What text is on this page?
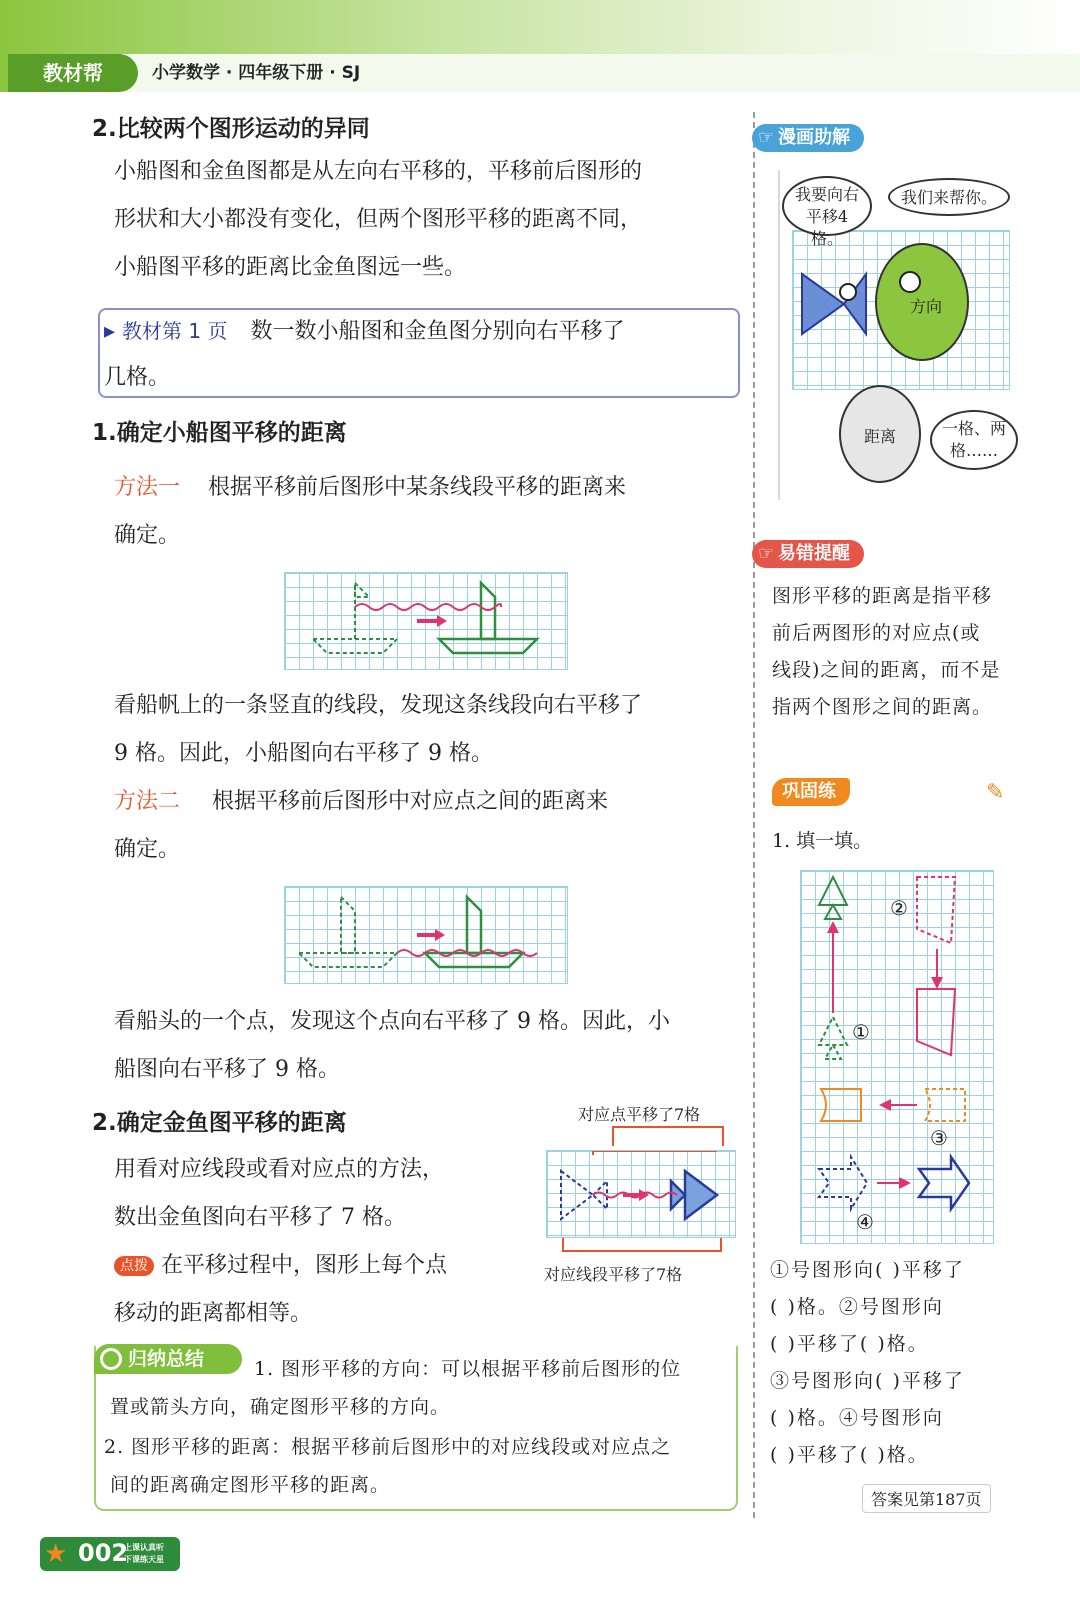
教材帮	小学数学 · 四年级下册 · SJ
2.比较两个图形运动的异同
小船图和金鱼图都是从左向右平移的，平移前后图形的
形状和大小都没有变化，但两个图形平移的距离不同，
小船图平移的距离比金鱼图远一些。
▸ 教材第 1 页 数一数小船图和金鱼图分别向右平移了
几格。
1.确定小船图平移的距离
方法一 根据平移前后图形中某条线段平移的距离来
确定。
看船帆上的一条竖直的线段，发现这条线段向右平移了
9 格。因此，小船图向右平移了 9 格。
方法二 根据平移前后图形中对应点之间的距离来
确定。
看船头的一个点，发现这个点向右平移了 9 格。因此，小
船图向右平移了 9 格。
2.确定金鱼图平移的距离
用看对应线段或看对应点的方法，
数出金鱼图向右平移了 7 格。
点拨 在平移过程中，图形上每个点
移动的距离都相等。
对应点平移了7格
对应线段平移了7格
归纳总结	1. 图形平移的方向：可以根据平移前后图形的位
置或箭头方向，确定图形平移的方向。
2. 图形平移的距离：根据平移前后图形中的对应线段或对应点之
间的距离确定图形平移的距离。
☞ 漫画助解
方向
距离
我要向右平移4格。
我们来帮你。
一格、两格……
☞ 易错提醒
图形平移的距离是指平移
前后两图形的对应点(或
线段)之间的距离，而不是
指两个图形之间的距离。
巩固练	✎
1. 填一填。
②
①
③
④
①号图形向( )平移了
( )格。②号图形向
( )平移了( )格。
③号图形向( )平移了
( )格。④号图形向
( )平移了( )格。
答案见第187页
★ 002
上课认真听
下课练天星
